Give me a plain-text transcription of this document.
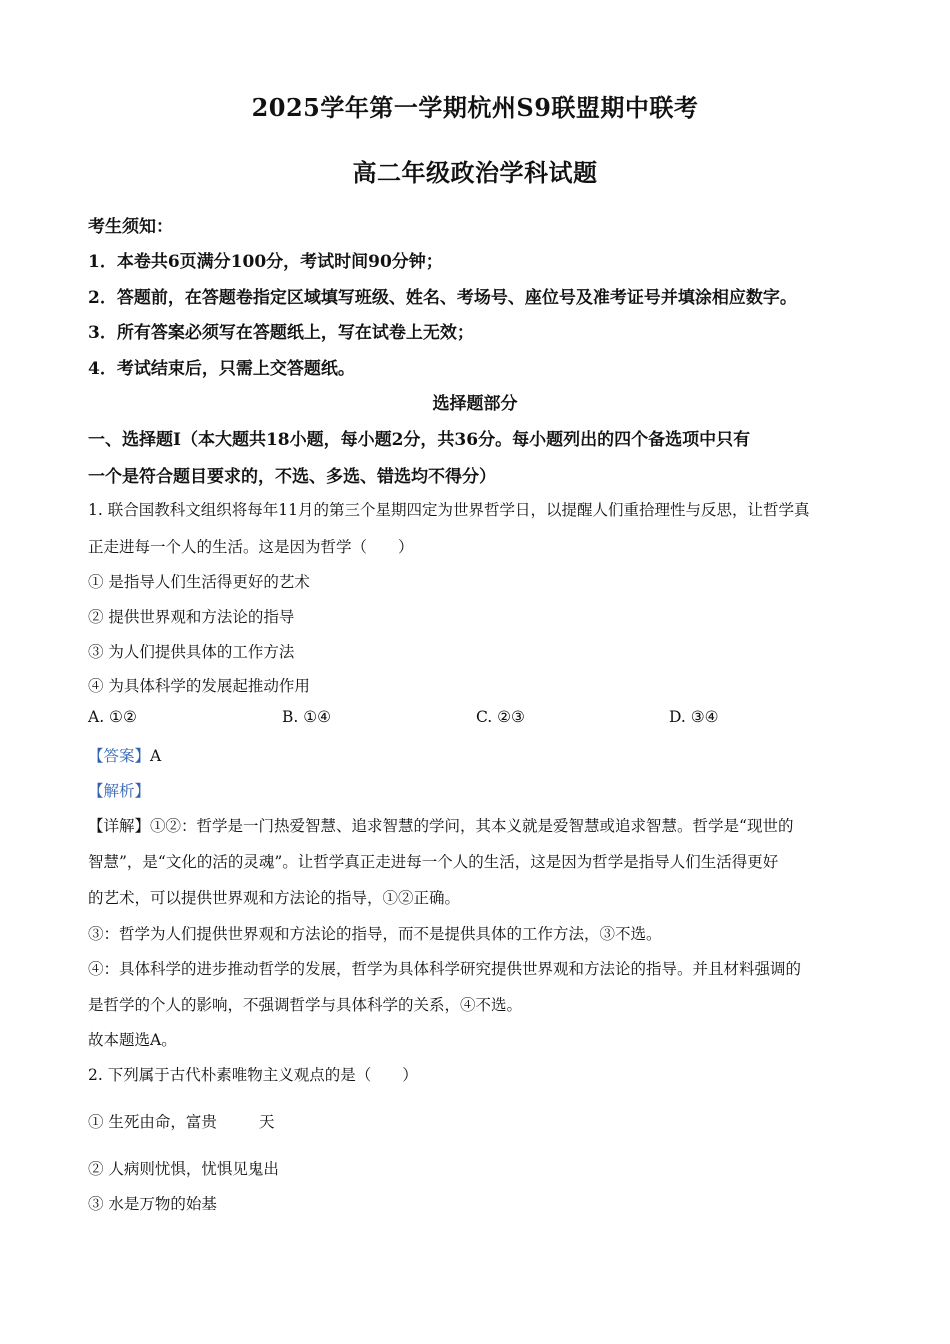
2025学年第一学期杭州S9联盟期中联考
高二年级政治学科试题
考生须知：
1．本卷共6页满分100分，考试时间90分钟；
2．答题前，在答题卷指定区域填写班级、姓名、考场号、座位号及准考证号并填涂相应数字。
3．所有答案必须写在答题纸上，写在试卷上无效；
4．考试结束后，只需上交答题纸。
选择题部分
一、选择题Ⅰ（本大题共18小题，每小题2分，共36分。每小题列出的四个备选项中只有
一个是符合题目要求的，不选、多选、错选均不得分）
1. 联合国教科文组织将每年11月的第三个星期四定为世界哲学日，以提醒人们重拾理性与反思，让哲学真
正走进每一个人的生活。这是因为哲学（　　）
① 是指导人们生活得更好的艺术
② 提供世界观和方法论的指导
③ 为人们提供具体的工作方法
④ 为具体科学的发展起推动作用
A. ①②	B. ①④	C. ②③	D. ③④
【答案】A
【解析】
【详解】①②：哲学是一门热爱智慧、追求智慧的学问，其本义就是爱智慧或追求智慧。哲学是“现世的
智慧”，是“文化的活的灵魂”。让哲学真正走进每一个人的生活，这是因为哲学是指导人们生活得更好
的艺术，可以提供世界观和方法论的指导，①②正确。
③：哲学为人们提供世界观和方法论的指导，而不是提供具体的工作方法，③不选。
④：具体科学的进步推动哲学的发展，哲学为具体科学研究提供世界观和方法论的指导。并且材料强调的
是哲学的个人的影响，不强调哲学与具体科学的关系，④不选。
故本题选A。
2. 下列属于古代朴素唯物主义观点的是（　　）
① 生死由命，富贵	天
② 人病则忧惧，忧惧见鬼出
③ 水是万物的始基
